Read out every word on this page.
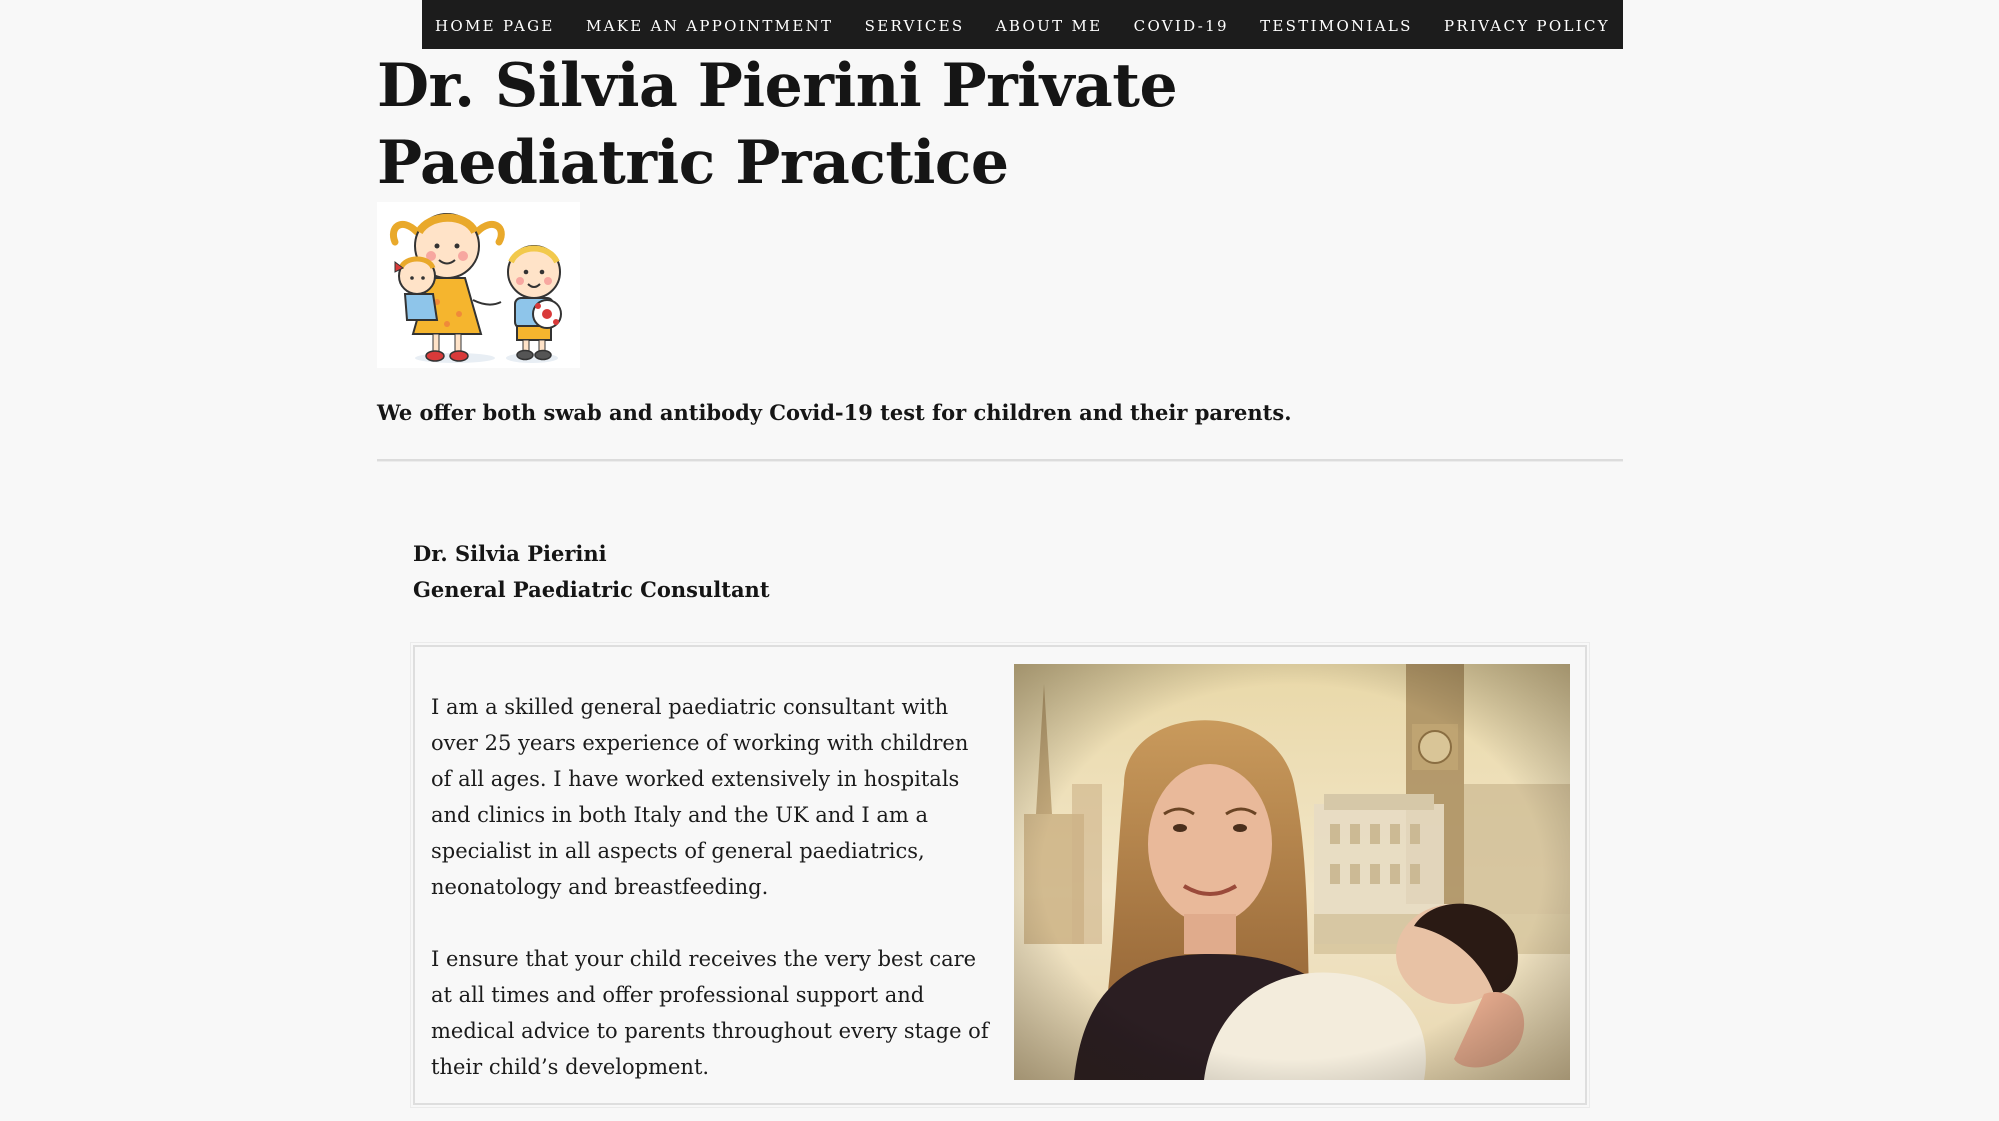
HOME PAGE MAKE AN APPOINTMENT SERVICES ABOUT ME COVID-19 TESTIMONIALS PRIVACY POLICY
Dr. Silvia Pierini Private Paediatric Practice

We offer both swab and antibody Covid-19 test for children and their parents.

Dr. Silvia Pierini

General Paediatric Consultant

I am a skilled general paediatric consultant with over 25 years experience of working with children of all ages. I have worked extensively in hospitals and clinics in both Italy and the UK and I am a specialist in all aspects of general paediatrics, neonatology and breastfeeding.

I ensure that your child receives the very best care at all times and offer professional support and medical advice to parents throughout every stage of their child’s development.
